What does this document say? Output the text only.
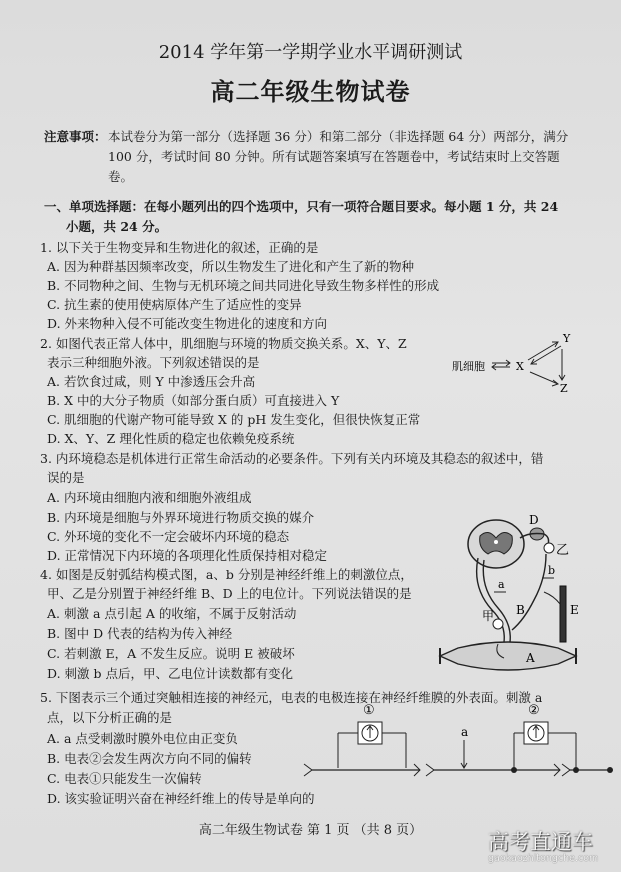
2014 学年第一学期学业水平调研测试
高二年级生物试卷
注意事项： 本试卷分为第一部分（选择题 36 分）和第二部分（非选择题 64 分）两部分，满分
100 分，考试时间 80 分钟。所有试题答案填写在答题卷中，考试结束时上交答题
卷。
一、单项选择题：在每小题列出的四个选项中，只有一项符合题目要求。每小题 1 分，共 24
小题，共 24 分。
1. 以下关于生物变异和生物进化的叙述，正确的是
A. 因为种群基因频率改变，所以生物发生了进化和产生了新的物种
B. 不同物种之间、生物与无机环境之间共同进化导致生物多样性的形成
C. 抗生素的使用使病原体产生了适应性的变异
D. 外来物种入侵不可能改变生物进化的速度和方向
2. 如图代表正常人体中，肌细胞与环境的物质交换关系。X、Y、Z
表示三种细胞外液。下列叙述错误的是
A. 若饮食过咸，则 Y 中渗透压会升高
B. X 中的大分子物质（如部分蛋白质）可直接进入 Y
C. 肌细胞的代谢产物可能导致 X 的 pH 发生变化，但很快恢复正常
D. X、Y、Z 理化性质的稳定也依赖免疫系统
肌细胞	X
Y
Z
3. 内环境稳态是机体进行正常生命活动的必要条件。下列有关内环境及其稳态的叙述中，错
误的是
A. 内环境由细胞内液和细胞外液组成
B. 内环境是细胞与外界环境进行物质交换的媒介
C. 外环境的变化不一定会破坏内环境的稳态
D. 正常情况下内环境的各项理化性质保持相对稳定
4. 如图是反射弧结构模式图，a、b 分别是神经纤维上的刺激位点，
甲、乙是分别置于神经纤维 B、D 上的电位计。下列说法错误的是
A. 刺激 a 点引起 A 的收缩，不属于反射活动
B. 图中 D 代表的结构为传入神经
C. 若刺激 E，A 不发生反应。说明 E 被破坏
D. 刺激 b 点后，甲、乙电位计读数都有变化
D
乙
b
E
a
B
甲
A
5. 下图表示三个通过突触相连接的神经元，电表的电极连接在神经纤维膜的外表面。刺激 a
点，以下分析正确的是
A. a 点受刺激时膜外电位由正变负
B. 电表②会发生两次方向不同的偏转
C. 电表①只能发生一次偏转
D. 该实验证明兴奋在神经纤维上的传导是单向的
①
a
②
高二年级生物试卷 第 1 页 （共 8 页）	高考直通车
gaokaozhitongche.com
